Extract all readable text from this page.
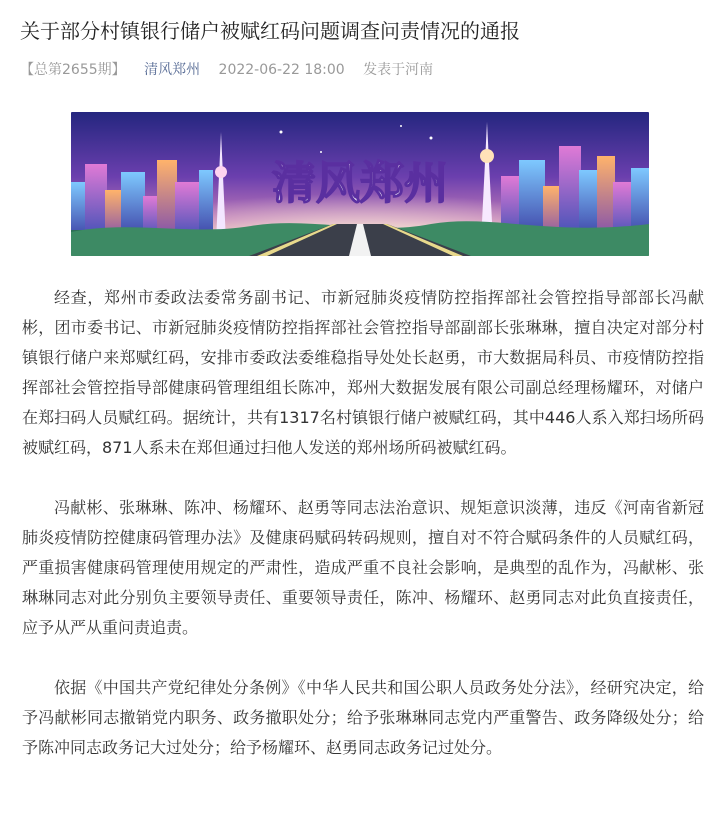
关于部分村镇银行储户被赋红码问题调查问责情况的通报
【总第2655期】 清风郑州 2022-06-22 18:00 发表于河南
清风郑州

经查，郑州市委政法委常务副书记、市新冠肺炎疫情防控指挥部社会管控指导部部长冯献彬，团市委书记、市新冠肺炎疫情防控指挥部社会管控指导部副部长张琳琳，擅自决定对部分村镇银行储户来郑赋红码，安排市委政法委维稳指导处处长赵勇，市大数据局科员、市疫情防控指挥部社会管控指导部健康码管理组组长陈冲，郑州大数据发展有限公司副总经理杨耀环，对储户在郑扫码人员赋红码。据统计，共有1317名村镇银行储户被赋红码，其中446人系入郑扫场所码被赋红码，871人系未在郑但通过扫他人发送的郑州场所码被赋红码。

冯献彬、张琳琳、陈冲、杨耀环、赵勇等同志法治意识、规矩意识淡薄，违反《河南省新冠肺炎疫情防控健康码管理办法》及健康码赋码转码规则，擅自对不符合赋码条件的人员赋红码，严重损害健康码管理使用规定的严肃性，造成严重不良社会影响，是典型的乱作为，冯献彬、张琳琳同志对此分别负主要领导责任、重要领导责任，陈冲、杨耀环、赵勇同志对此负直接责任，应予从严从重问责追责。

依据《中国共产党纪律处分条例》《中华人民共和国公职人员政务处分法》，经研究决定，给予冯献彬同志撤销党内职务、政务撤职处分；给予张琳琳同志党内严重警告、政务降级处分；给予陈冲同志政务记大过处分；给予杨耀环、赵勇同志政务记过处分。
